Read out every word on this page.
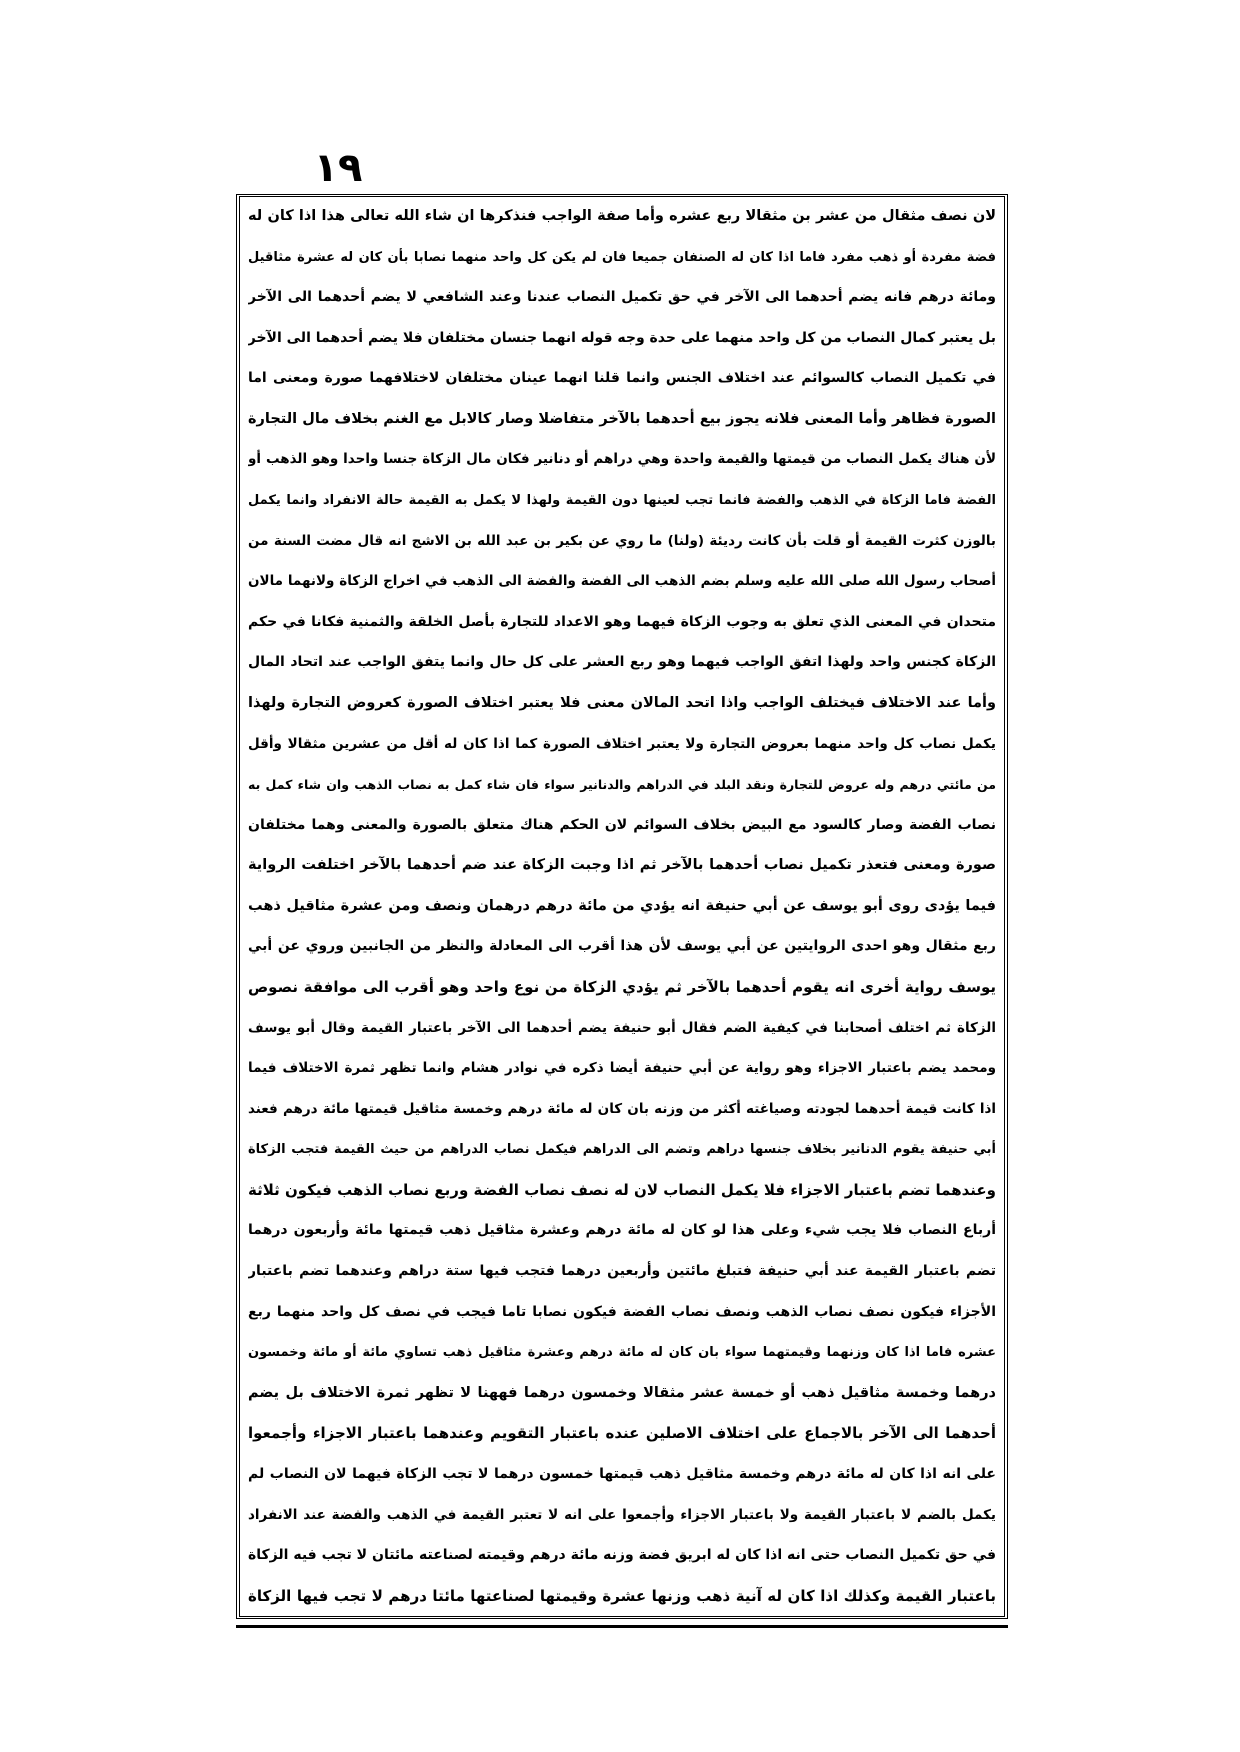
١٩
لان نصف مثقال من عشر بن مثقالا ربع عشره وأما صفة الواجب فنذكرها ان شاء الله تعالى هذا اذا كان له
فضة مفردة أو ذهب مفرد فاما اذا كان له الصنفان جميعا فان لم يكن كل واحد منهما نصابا بأن كان له عشرة مثاقيل
ومائة درهم فانه يضم أحدهما الى الآخر في حق تكميل النصاب عندنا وعند الشافعي لا يضم أحدهما الى الآخر
بل يعتبر كمال النصاب من كل واحد منهما على حدة وجه قوله انهما جنسان مختلفان فلا يضم أحدهما الى الآخر
في تكميل النصاب كالسوائم عند اختلاف الجنس وانما قلنا انهما عينان مختلفان لاختلافهما صورة ومعنى اما
الصورة فظاهر وأما المعنى فلانه يجوز بيع أحدهما بالآخر متفاضلا وصار كالابل مع الغنم بخلاف مال التجارة
لأن هناك يكمل النصاب من قيمتها والقيمة واحدة وهي دراهم أو دنانير فكان مال الزكاة جنسا واحدا وهو الذهب أو
الفضة فاما الزكاة في الذهب والفضة فانما تجب لعينها دون القيمة ولهذا لا يكمل به القيمة حالة الانفراد وانما يكمل
بالوزن كثرت القيمة أو قلت بأن كانت رديئة (ولنا) ما روي عن بكير بن عبد الله بن الاشج انه قال مضت السنة من
أصحاب رسول الله صلى الله عليه وسلم بضم الذهب الى الفضة والفضة الى الذهب في اخراج الزكاة ولانهما مالان
متحدان في المعنى الذي تعلق به وجوب الزكاة فيهما وهو الاعداد للتجارة بأصل الخلقة والثمنية فكانا في حكم
الزكاة كجنس واحد ولهذا اتفق الواجب فيهما وهو ربع العشر على كل حال وانما يتفق الواجب عند اتحاد المال
وأما عند الاختلاف فيختلف الواجب واذا اتحد المالان معنى فلا يعتبر اختلاف الصورة كعروض التجارة ولهذا
يكمل نصاب كل واحد منهما بعروض التجارة ولا يعتبر اختلاف الصورة كما اذا كان له أقل من عشرين مثقالا وأقل
من مائتي درهم وله عروض للتجارة ونقد البلد في الدراهم والدنانير سواء فان شاء كمل به نصاب الذهب وان شاء كمل به
نصاب الفضة وصار كالسود مع البيض بخلاف السوائم لان الحكم هناك متعلق بالصورة والمعنى وهما مختلفان
صورة ومعنى فتعذر تكميل نصاب أحدهما بالآخر ثم اذا وجبت الزكاة عند ضم أحدهما بالآخر اختلفت الرواية
فيما يؤدى روى أبو يوسف عن أبي حنيفة انه يؤدي من مائة درهم درهمان ونصف ومن عشرة مثاقيل ذهب
ربع مثقال وهو احدى الروايتين عن أبي يوسف لأن هذا أقرب الى المعادلة والنظر من الجانبين وروي عن أبي
يوسف رواية أخرى انه يقوم أحدهما بالآخر ثم يؤدي الزكاة من نوع واحد وهو أقرب الى موافقة نصوص
الزكاة ثم اختلف أصحابنا في كيفية الضم فقال أبو حنيفة يضم أحدهما الى الآخر باعتبار القيمة وقال أبو يوسف
ومحمد يضم باعتبار الاجزاء وهو رواية عن أبي حنيفة أيضا ذكره في نوادر هشام وانما تظهر ثمرة الاختلاف فيما
اذا كانت قيمة أحدهما لجودته وصياغته أكثر من وزنه بان كان له مائة درهم وخمسة مثاقيل قيمتها مائة درهم فعند
أبي حنيفة يقوم الدنانير بخلاف جنسها دراهم وتضم الى الدراهم فيكمل نصاب الدراهم من حيث القيمة فتجب الزكاة
وعندهما تضم باعتبار الاجزاء فلا يكمل النصاب لان له نصف نصاب الفضة وربع نصاب الذهب فيكون ثلاثة
أرباع النصاب فلا يجب شيء وعلى هذا لو كان له مائة درهم وعشرة مثاقيل ذهب قيمتها مائة وأربعون درهما
تضم باعتبار القيمة عند أبي حنيفة فتبلغ مائتين وأربعين درهما فتجب فيها ستة دراهم وعندهما تضم باعتبار
الأجزاء فيكون نصف نصاب الذهب ونصف نصاب الفضة فيكون نصابا تاما فيجب في نصف كل واحد منهما ربع
عشره فاما اذا كان وزنهما وقيمتهما سواء بان كان له مائة درهم وعشرة مثاقيل ذهب تساوي مائة أو مائة وخمسون
درهما وخمسة مثاقيل ذهب أو خمسة عشر مثقالا وخمسون درهما فههنا لا تظهر ثمرة الاختلاف بل يضم
أحدهما الى الآخر بالاجماع على اختلاف الاصلين عنده باعتبار التقويم وعندهما باعتبار الاجزاء وأجمعوا
على انه اذا كان له مائة درهم وخمسة مثاقيل ذهب قيمتها خمسون درهما لا تجب الزكاة فيهما لان النصاب لم
يكمل بالضم لا باعتبار القيمة ولا باعتبار الاجزاء وأجمعوا على انه لا تعتبر القيمة في الذهب والفضة عند الانفراد
في حق تكميل النصاب حتى انه اذا كان له ابريق فضة وزنه مائة درهم وقيمته لصناعته مائتان لا تجب فيه الزكاة
باعتبار القيمة وكذلك اذا كان له آنية ذهب وزنها عشرة وقيمتها لصناعتها مائتا درهم لا تجب فيها الزكاة
